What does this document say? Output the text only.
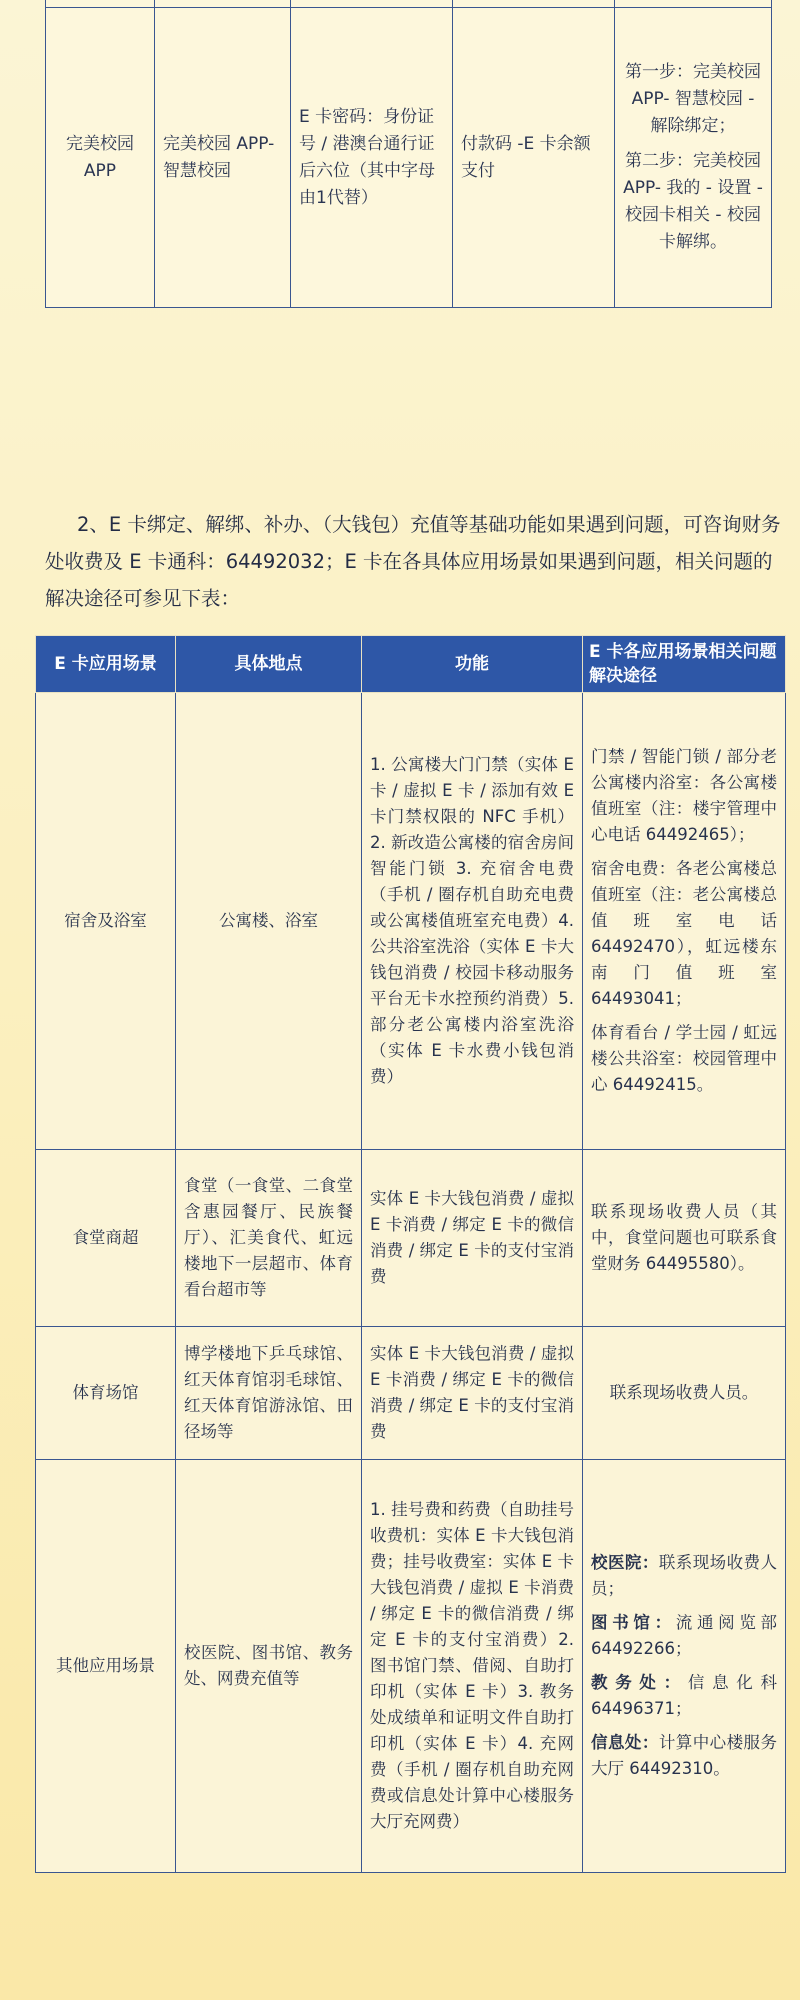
完美校园APP	完美校园 APP-智慧校园	E 卡密码：身份证号 / 港澳台通行证后六位（其中字母由1代替）	付款码 -E 卡余额支付	第一步：完美校园 APP- 智慧校园 - 解除绑定；
第二步：完美校园 APP- 我的 - 设置 - 校园卡相关 - 校园卡解绑。

2、E 卡绑定、解绑、补办、（大钱包）充值等基础功能如果遇到问题，可咨询财务处收费及 E 卡通科：64492032；E 卡在各具体应用场景如果遇到问题，相关问题的解决途径可参见下表：

E 卡应用场景	具体地点	功能	E 卡各应用场景相关问题解决途径
宿舍及浴室	公寓楼、浴室	1. 公寓楼大门门禁（实体 E 卡 / 虚拟 E 卡 / 添加有效 E 卡门禁权限的 NFC 手机）2. 新改造公寓楼的宿舍房间智能门锁 3. 充宿舍电费（手机 / 圈存机自助充电费或公寓楼值班室充电费）4. 公共浴室洗浴（实体 E 卡大钱包消费 / 校园卡移动服务平台无卡水控预约消费）5. 部分老公寓楼内浴室洗浴（实体 E 卡水费小钱包消费）	门禁 / 智能门锁 / 部分老公寓楼内浴室：各公寓楼值班室（注：楼宇管理中心电话 64492465）；
宿舍电费：各老公寓楼总值班室（注：老公寓楼总值班室电话 64492470），虹远楼东南门值班室 64493041；
体育看台 / 学士园 / 虹远楼公共浴室：校园管理中心 64492415。

食堂商超	食堂（一食堂、二食堂含惠园餐厅、民族餐厅）、汇美食代、虹远楼地下一层超市、体育看台超市等	实体 E 卡大钱包消费 / 虚拟 E 卡消费 / 绑定 E 卡的微信消费 / 绑定 E 卡的支付宝消费	联系现场收费人员（其中，食堂问题也可联系食堂财务 64495580）。

体育场馆	博学楼地下乒乓球馆、红天体育馆羽毛球馆、红天体育馆游泳馆、田径场等	实体 E 卡大钱包消费 / 虚拟 E 卡消费 / 绑定 E 卡的微信消费 / 绑定 E 卡的支付宝消费	联系现场收费人员。

其他应用场景	校医院、图书馆、教务处、网费充值等	1. 挂号费和药费（自助挂号收费机：实体 E 卡大钱包消费；挂号收费室：实体 E 卡大钱包消费 / 虚拟 E 卡消费 / 绑定 E 卡的微信消费 / 绑定 E 卡的支付宝消费）2. 图书馆门禁、借阅、自助打印机（实体 E 卡）3. 教务处成绩单和证明文件自助打印机（实体 E 卡）4. 充网费（手机 / 圈存机自助充网费或信息处计算中心楼服务大厅充网费）	校医院：联系现场收费人员；
图书馆：流通阅览部 64492266；
教务处：信息化科 64496371；
信息处：计算中心楼服务大厅 64492310。
